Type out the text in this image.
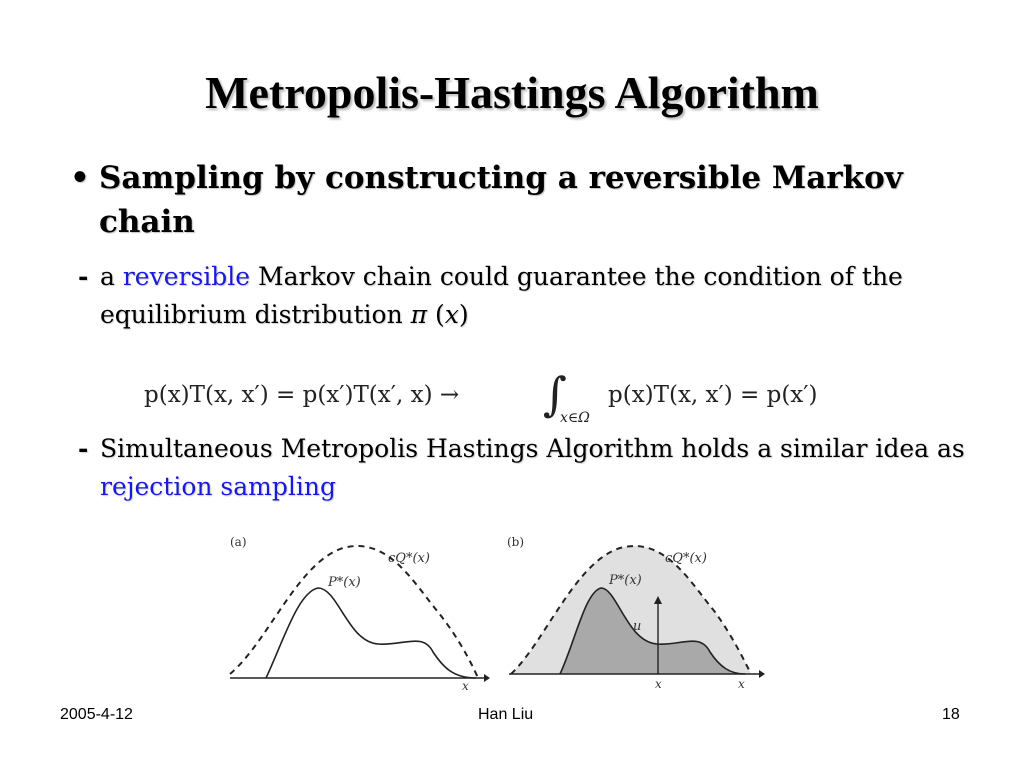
Metropolis-Hastings Algorithm
• Sampling by constructing a reversible Markov chain
- a reversible Markov chain could guarantee the condition of the equilibrium distribution π (x)
p(x)T(x, x′) = p(x′)T(x′, x) → ∫
x∈Ω
p(x)T(x, x′) = p(x′)
- Simultaneous Metropolis Hastings Algorithm holds a similar idea as rejection sampling
(a)
cQ*(x)
P*(x)
x
(b)
u
cQ*(x)
P*(x)
x	x
2005-4-12	Han Liu	18
